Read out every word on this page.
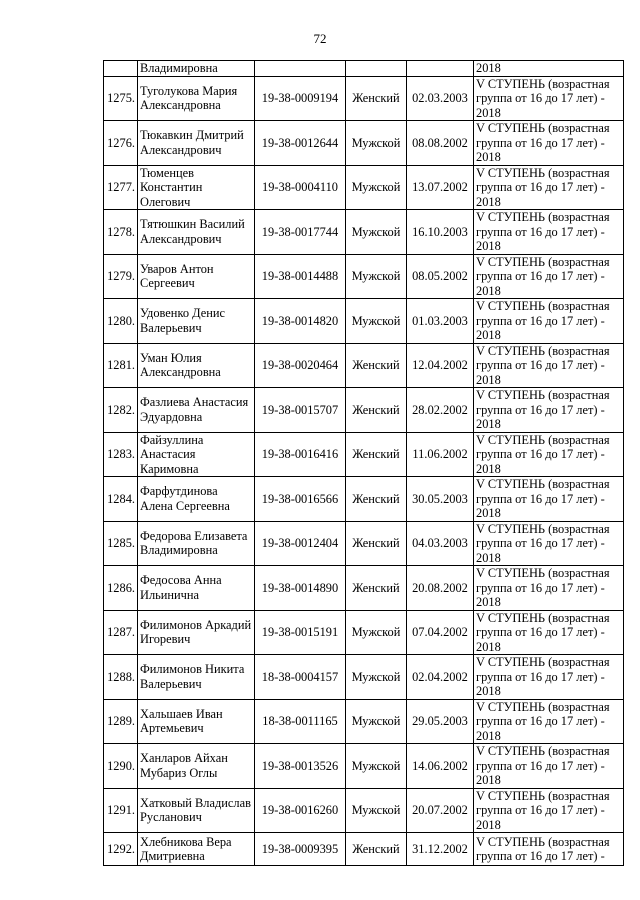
72
	Владимировна				2018
1275.	Туголукова Мария Александровна	19-38-0009194	Женский	02.03.2003	V СТУПЕНЬ (возрастная группа от 16 до 17 лет) - 2018
1276.	Тюкавкин Дмитрий Александрович	19-38-0012644	Мужской	08.08.2002	V СТУПЕНЬ (возрастная группа от 16 до 17 лет) - 2018
1277.	Тюменцев Константин Олегович	19-38-0004110	Мужской	13.07.2002	V СТУПЕНЬ (возрастная группа от 16 до 17 лет) - 2018
1278.	Тятюшкин Василий Александрович	19-38-0017744	Мужской	16.10.2003	V СТУПЕНЬ (возрастная группа от 16 до 17 лет) - 2018
1279.	Уваров Антон Сергеевич	19-38-0014488	Мужской	08.05.2002	V СТУПЕНЬ (возрастная группа от 16 до 17 лет) - 2018
1280.	Удовенко Денис Валерьевич	19-38-0014820	Мужской	01.03.2003	V СТУПЕНЬ (возрастная группа от 16 до 17 лет) - 2018
1281.	Уман Юлия Александровна	19-38-0020464	Женский	12.04.2002	V СТУПЕНЬ (возрастная группа от 16 до 17 лет) - 2018
1282.	Фазлиева Анастасия Эдуардовна	19-38-0015707	Женский	28.02.2002	V СТУПЕНЬ (возрастная группа от 16 до 17 лет) - 2018
1283.	Файзуллина Анастасия Каримовна	19-38-0016416	Женский	11.06.2002	V СТУПЕНЬ (возрастная группа от 16 до 17 лет) - 2018
1284.	Фарфутдинова Алена Сергеевна	19-38-0016566	Женский	30.05.2003	V СТУПЕНЬ (возрастная группа от 16 до 17 лет) - 2018
1285.	Федорова Елизавета Владимировна	19-38-0012404	Женский	04.03.2003	V СТУПЕНЬ (возрастная группа от 16 до 17 лет) - 2018
1286.	Федосова Анна Ильинична	19-38-0014890	Женский	20.08.2002	V СТУПЕНЬ (возрастная группа от 16 до 17 лет) - 2018
1287.	Филимонов Аркадий Игоревич	19-38-0015191	Мужской	07.04.2002	V СТУПЕНЬ (возрастная группа от 16 до 17 лет) - 2018
1288.	Филимонов Никита Валерьевич	18-38-0004157	Мужской	02.04.2002	V СТУПЕНЬ (возрастная группа от 16 до 17 лет) - 2018
1289.	Хальшаев Иван Артемьевич	18-38-0011165	Мужской	29.05.2003	V СТУПЕНЬ (возрастная группа от 16 до 17 лет) - 2018
1290.	Ханларов Айхан Мубариз Оглы	19-38-0013526	Мужской	14.06.2002	V СТУПЕНЬ (возрастная группа от 16 до 17 лет) - 2018
1291.	Хатковый Владислав Русланович	19-38-0016260	Мужской	20.07.2002	V СТУПЕНЬ (возрастная группа от 16 до 17 лет) - 2018
1292.	Хлебникова Вера Дмитриевна	19-38-0009395	Женский	31.12.2002	V СТУПЕНЬ (возрастная группа от 16 до 17 лет) -
